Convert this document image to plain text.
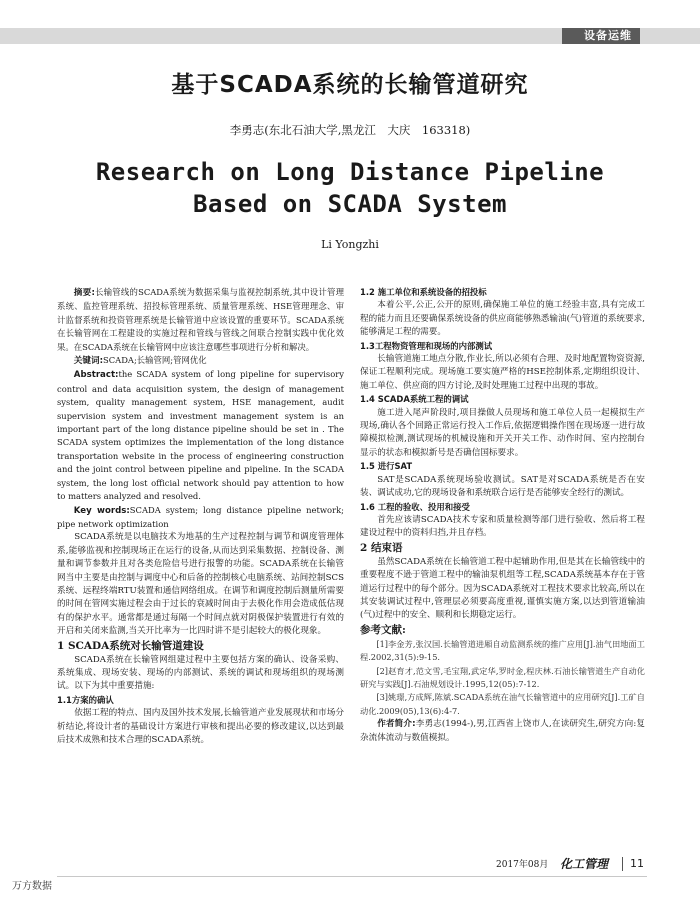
设备运维
基于SCADA系统的长输管道研究
李勇志(东北石油大学,黑龙江　大庆　163318)
Research on Long Distance Pipeline Based on SCADA System
Li Yongzhi

摘要:长输管线的SCADA系统为数据采集与监视控制系统,其中设计管理系统、监控管理系统、招投标管理系统、质量管理系统、HSE管理理念、审计监督系统和投资管理系统是长输管道中应该设置的重要环节。SCADA系统在长输管网在工程建设的实施过程和管线与管线之间联合控制实践中优化效果。在SCADA系统在长输管网中应该注意哪些事项进行分析和解决。

关键词:SCADA;长输管网;管网优化

Abstract:the SCADA system of long pipeline for supervisory control and data acquisition system, the design of management system, quality management system, HSE management, audit supervision system and investment management system is an important part of the long distance pipeline should be set in . The SCADA system optimizes the implementation of the long distance transportation website in the process of engineering construction and the joint control between pipeline and pipeline. In the SCADA system, the long lost official network should pay attention to how to matters analyzed and resolved.

Key words:SCADA system; long distance pipeline network; pipe network optimization

SCADA系统是以电脑技术为地基的生产过程控制与调节和调度管理体系,能够监视和控制现场正在运行的设备,从而达到采集数据、控制设备、测量和调节参数并且对各类危险信号进行报警的功能。SCADA系统在长输管网当中主要是由控制与调度中心和后备的控制核心电脑系统、站间控制SCS系统、远程终端RTU装置和通信网络组成。在调节和调度控制后测量所需要的时间在管网实施过程会由于过长的衰减时间由于去极化作用会造成低估现有的保护水平。通常都是通过每隔一个时间点就对阴极保护装置进行有效的开启和关闭来监测,当关开比率为一比四时讲不是引起较大的极化现象。

1 SCADA系统对长输管道建设

SCADA系统在长输管网组建过程中主要包括方案的确认、设备采购、系统集成、现场安装、现场的内部测试、系统的调试和现场组织的现场测试。以下为其中重要措施:

1.1方案的确认

依据工程的特点、国内及国外技术发展,长输管道产业发展现状和市场分析结论,将设计者的基础设计方案进行审核和提出必要的修改建议,以达到最后技术成熟和技术合理的SCADA系统。

1.2 施工单位和系统设备的招投标

本着公平,公正,公开的原则,确保施工单位的施工经验丰富,具有完成工程的能力而且还要确保系统设备的供应商能够熟悉输油(气)管道的系统要求,能够满足工程的需要。

1.3工程物资管理和现场的内部测试

长输管道施工地点分散,作业长,所以必须有合理、及时地配置物资资源,保证工程顺利完成。现场施工要实施严格的HSE控制体系,定期组织设计、施工单位、供应商的四方讨论,及时处理施工过程中出现的事故。

1.4 SCADA系统工程的调试

施工进入尾声阶段时,项目操做人员现场和施工单位人员一起模拟生产现场,确认各个回路正常运行投入工作后,依据逻辑操作图在现场逐一进行故障模拟检测,测试现场的机械设施和开关开关工作、动作时间、室内控制台显示的状态和模拟新号是否确信国标要求。

1.5 进行SAT

SAT是SCADA系统现场验收测试。SAT是对SCADA系统是否在安装、调试成功,它的现场设备和系统联合运行是否能够安全经行的测试。

1.6 工程的验收、投用和接受

首先应该请SCADA技术专家和质量检测等部门进行验收、然后将工程建设过程中的资料归挡,并且存档。

2 结束语

虽然SCADA系统在长输管道工程中起辅助作用,但是其在长输管线中的重要程度不逊于管道工程中的输油泵机组等工程,SCADA系统基本存在于管道运行过程中的每个部分。因为SCADA系统对工程技术要求比较高,所以在其安装调试过程中,管理层必须要高度重视,谨慎实施方案,以达到管道输油(气)过程中的安全、顺利和长期稳定运行。

参考文献:

[1]李金芳,张汉国.长输管道进厢自动监测系统的推广应用[J].油气田地面工程.2002,31(5):9-15.

[2]赵育才,范文雪,毛宝翔,武定华,罗时金,程庆林.石油长输管道生产自动化研究与实践[J].石油规划设计.1995,12(05):7-12.

[3]姚璟,方成辉,陈斌.SCADA系统在油气长输管道中的应用研究[J].工矿自动化.2009(05),13(6):4-7.

作者简介:李勇志(1994-),男,江西省上饶市人,在读研究生,研究方向:复杂流体流动与数值模拟。

2017年08月 化工管理 11
万方数据
